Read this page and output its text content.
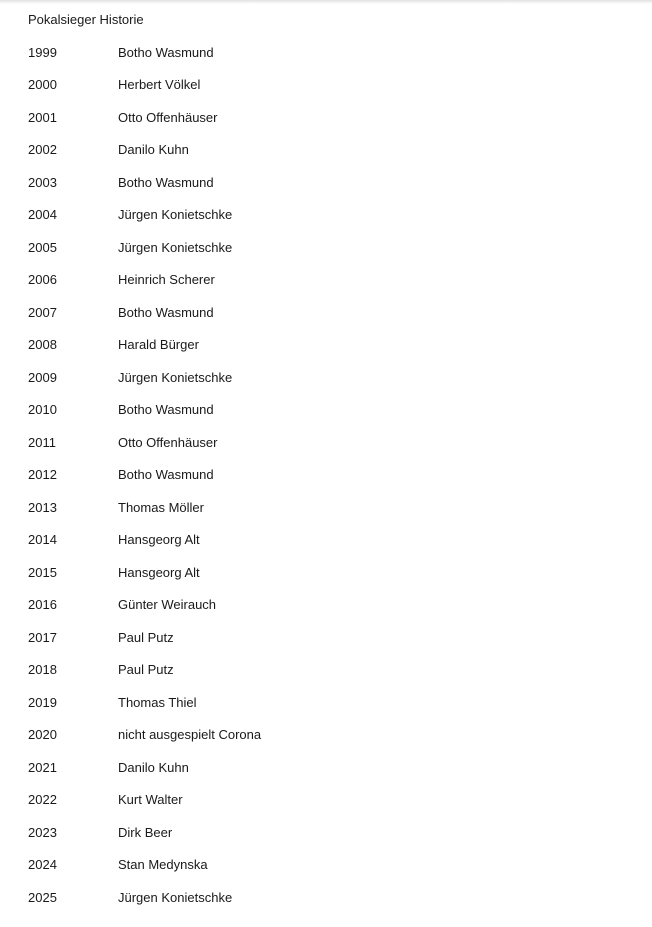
Pokalsieger Historie
1999	Botho Wasmund
2000	Herbert Völkel
2001	Otto Offenhäuser
2002	Danilo Kuhn
2003	Botho Wasmund
2004	Jürgen Konietschke
2005	Jürgen Konietschke
2006	Heinrich Scherer
2007	Botho Wasmund
2008	Harald Bürger
2009	Jürgen Konietschke
2010	Botho Wasmund
2011	Otto Offenhäuser
2012	Botho Wasmund
2013	Thomas Möller
2014	Hansgeorg Alt
2015	Hansgeorg Alt
2016	Günter Weirauch
2017	Paul Putz
2018	Paul Putz
2019	Thomas Thiel
2020	nicht ausgespielt Corona
2021	Danilo Kuhn
2022	Kurt Walter
2023	Dirk Beer
2024	Stan Medynska
2025	Jürgen Konietschke
